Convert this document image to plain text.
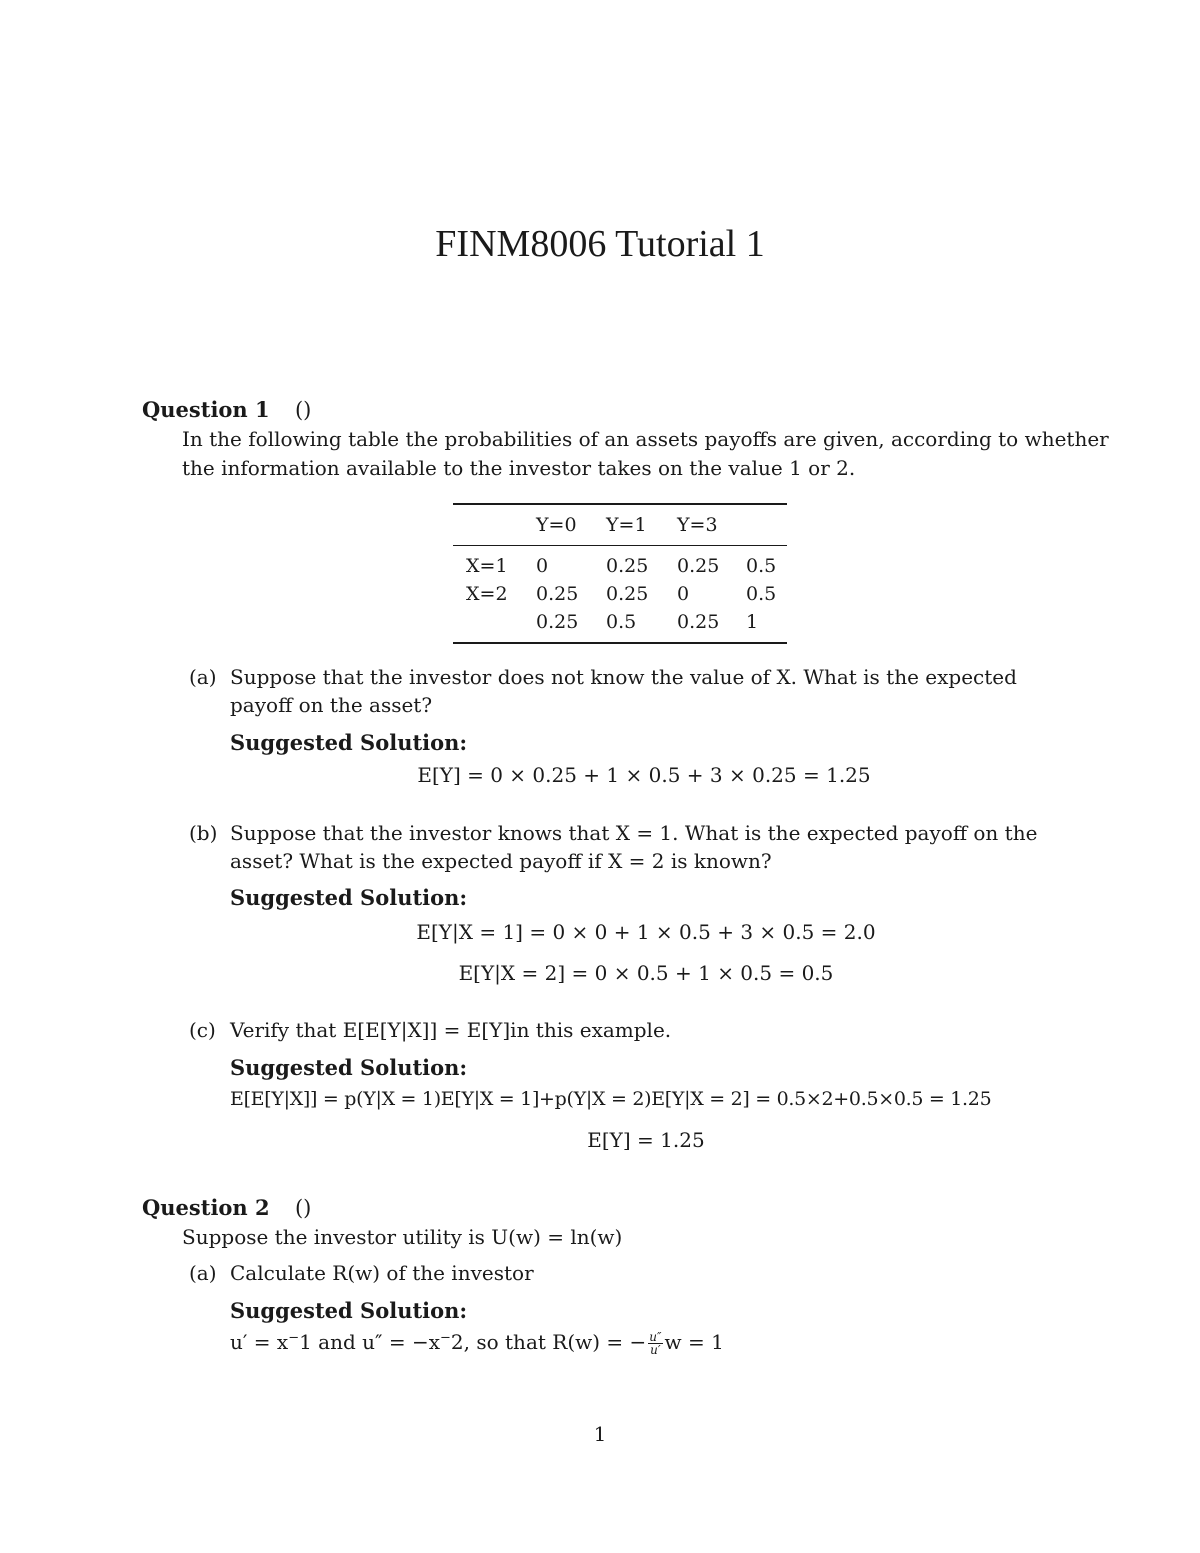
FINM8006 Tutorial 1
Question 1 ()
In the following table the probabilities of an assets payoffs are given, according to whether
the information available to the investor takes on the value 1 or 2.
Y=0 Y=1 Y=3
X=1 0	0.25 0.25 0.5
X=2 0.25 0.25 0	0.5
0.25 0.5 0.25 1
(a) Suppose that the investor does not know the value of X. What is the expected
payoff on the asset?
Suggested Solution:
E[Y] = 0 × 0.25 + 1 × 0.5 + 3 × 0.25 = 1.25
(b) Suppose that the investor knows that X = 1. What is the expected payoff on the
asset? What is the expected payoff if X = 2 is known?
Suggested Solution:
E[Y|X = 1] = 0 × 0 + 1 × 0.5 + 3 × 0.5 = 2.0
E[Y|X = 2] = 0 × 0.5 + 1 × 0.5 = 0.5
(c) Verify that E[E[Y|X]] = E[Y]in this example.
Suggested Solution:
E[E[Y|X]] = p(Y|X = 1)E[Y|X = 1]+p(Y|X = 2)E[Y|X = 2] = 0.5×2+0.5×0.5 = 1.25
E[Y] = 1.25
Question 2 ()
Suppose the investor utility is U(w) = ln(w)
(a) Calculate R(w) of the investor
Suggested Solution:
u′ = x−1 and u″ = −x−2, so that R(w) = − $\frac{u''}{u'}$ w = 1
1
